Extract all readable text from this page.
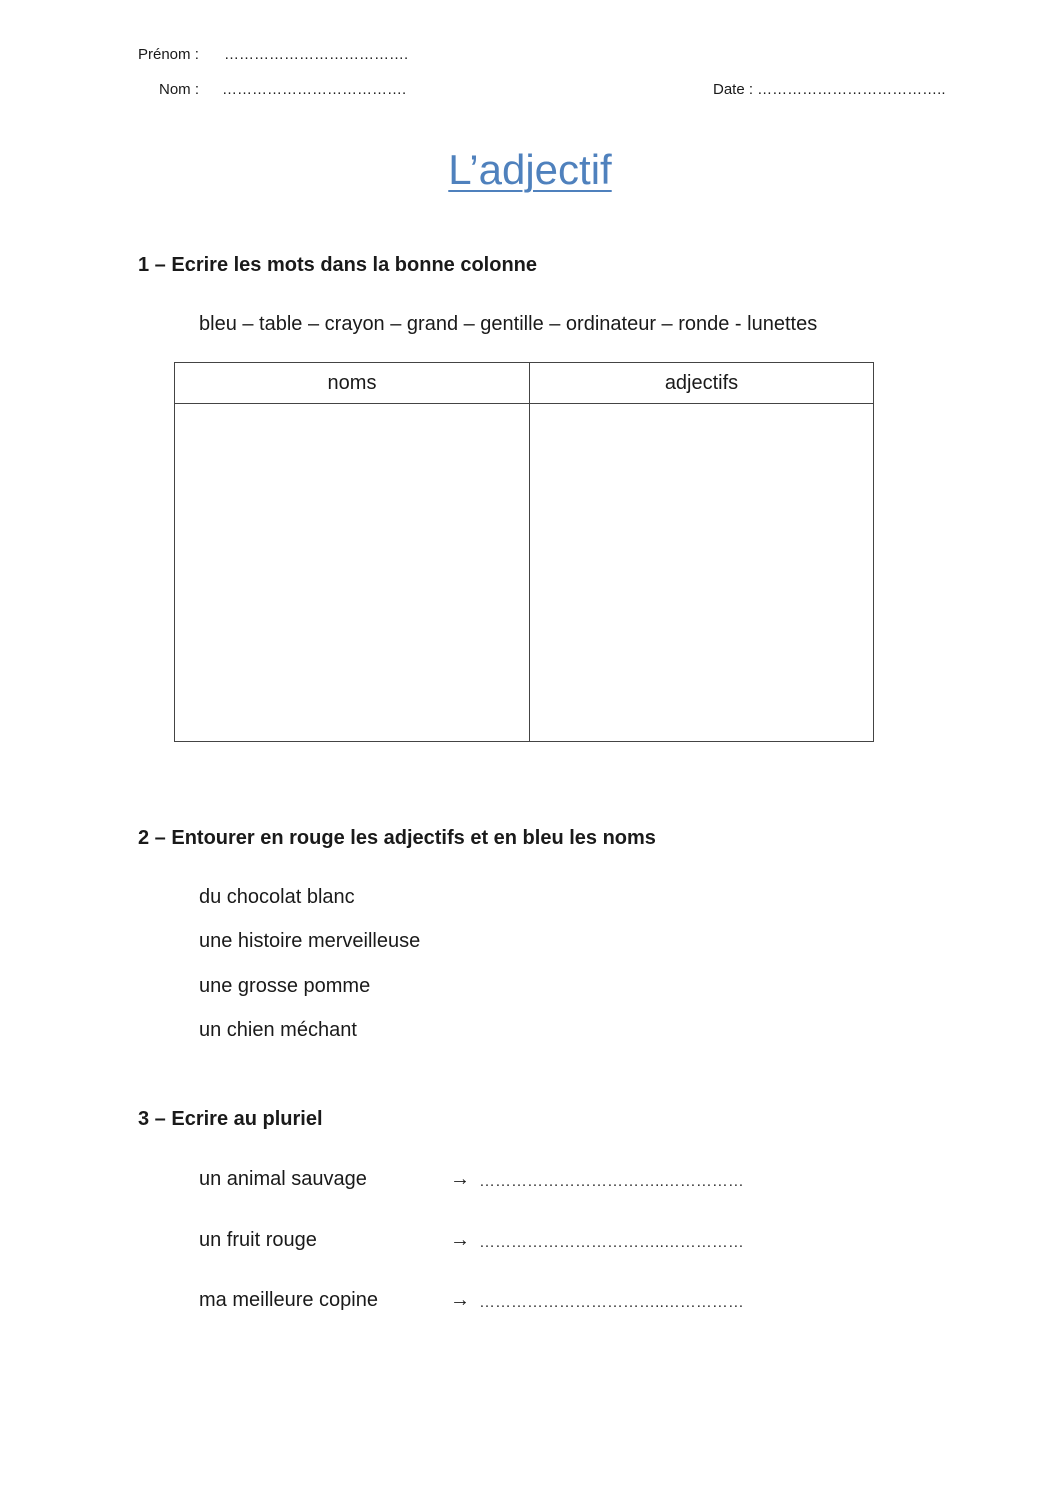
Prénom : ……………………………….
Nom : ……………………………….	Date : ………………………………..
L’adjectif
1 – Ecrire les mots dans la bonne colonne
bleu – table – crayon – grand – gentille – ordinateur – ronde - lunettes
noms	adjectifs

2 – Entourer en rouge les adjectifs et en bleu les noms
du chocolat blanc
une histoire merveilleuse
une grosse pomme
un chien méchant
3 – Ecrire au pluriel
un animal sauvage	→ ……………………………..……………
un fruit rouge	→ ……………………………..……………
ma meilleure copine	→ ……………………………..……………
